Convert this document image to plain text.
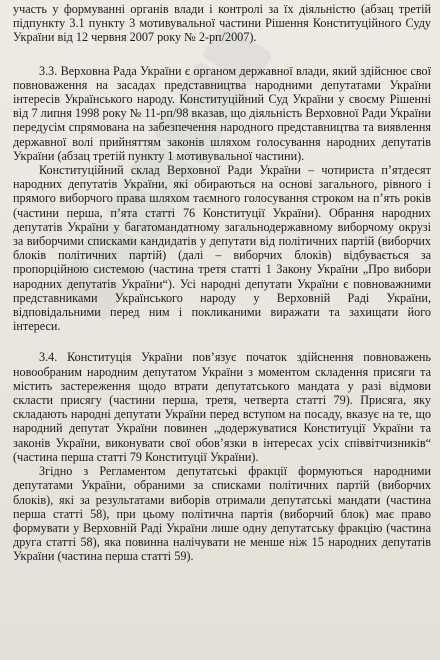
участь у формуванні органів влади і контролі за їх діяльністю (абзац третій підпункту 3.1 пункту 3 мотивувальної частини Рішення Конституційного Суду України від 12 червня 2007 року № 2-рп/2007).

3.3. Верховна Рада України є органом державної влади, який здійснює свої повноваження на засадах представництва народними депутатами України інтересів Українського народу. Конституційний Суд України у своєму Рішенні від 7 липня 1998 року № 11-рп/98 вказав, що діяльність Верховної Ради України передусім спрямована на забезпечення народного представництва та виявлення державної волі прийняттям законів шляхом голосування народних депутатів України (абзац третій пункту 1 мотивувальної частини).

Конституційний склад Верховної Ради України – чотириста п’ятдесят народних депутатів України, які обираються на основі загального, рівного і прямого виборчого права шляхом таємного голосування строком на п’ять років (частини перша, п’ята статті 76 Конституції України). Обрання народних депутатів України у багатомандатному загальнодержавному виборчому окрузі за виборчими списками кандидатів у депутати від політичних партій (виборчих блоків політичних партій) (далі – виборчих блоків) відбувається за пропорційною системою (частина третя статті 1 Закону України „Про вибори народних депутатів України“). Усі народні депутати України є повноважними представниками Українського народу у Верховній Раді України, відповідальними перед ним і покликаними виражати та захищати його інтереси.

3.4. Конституція України пов’язує початок здійснення повноважень новообраним народним депутатом України з моментом складення присяги та містить застереження щодо втрати депутатського мандата у разі відмови скласти присягу (частини перша, третя, четверта статті 79). Присяга, яку складають народні депутати України перед вступом на посаду, вказує на те, що народний депутат України повинен „додержуватися Конституції України та законів України, виконувати свої обов’язки в інтересах усіх співвітчизників“ (частина перша статті 79 Конституції України).

Згідно з Регламентом депутатські фракції формуються народними депутатами України, обраними за списками політичних партій (виборчих блоків), які за результатами виборів отримали депутатські мандати (частина перша статті 58), при цьому політична партія (виборчий блок) має право формувати у Верховній Раді України лише одну депутатську фракцію (частина друга статті 58), яка повинна налічувати не менше ніж 15 народних депутатів України (частина перша статті 59).
